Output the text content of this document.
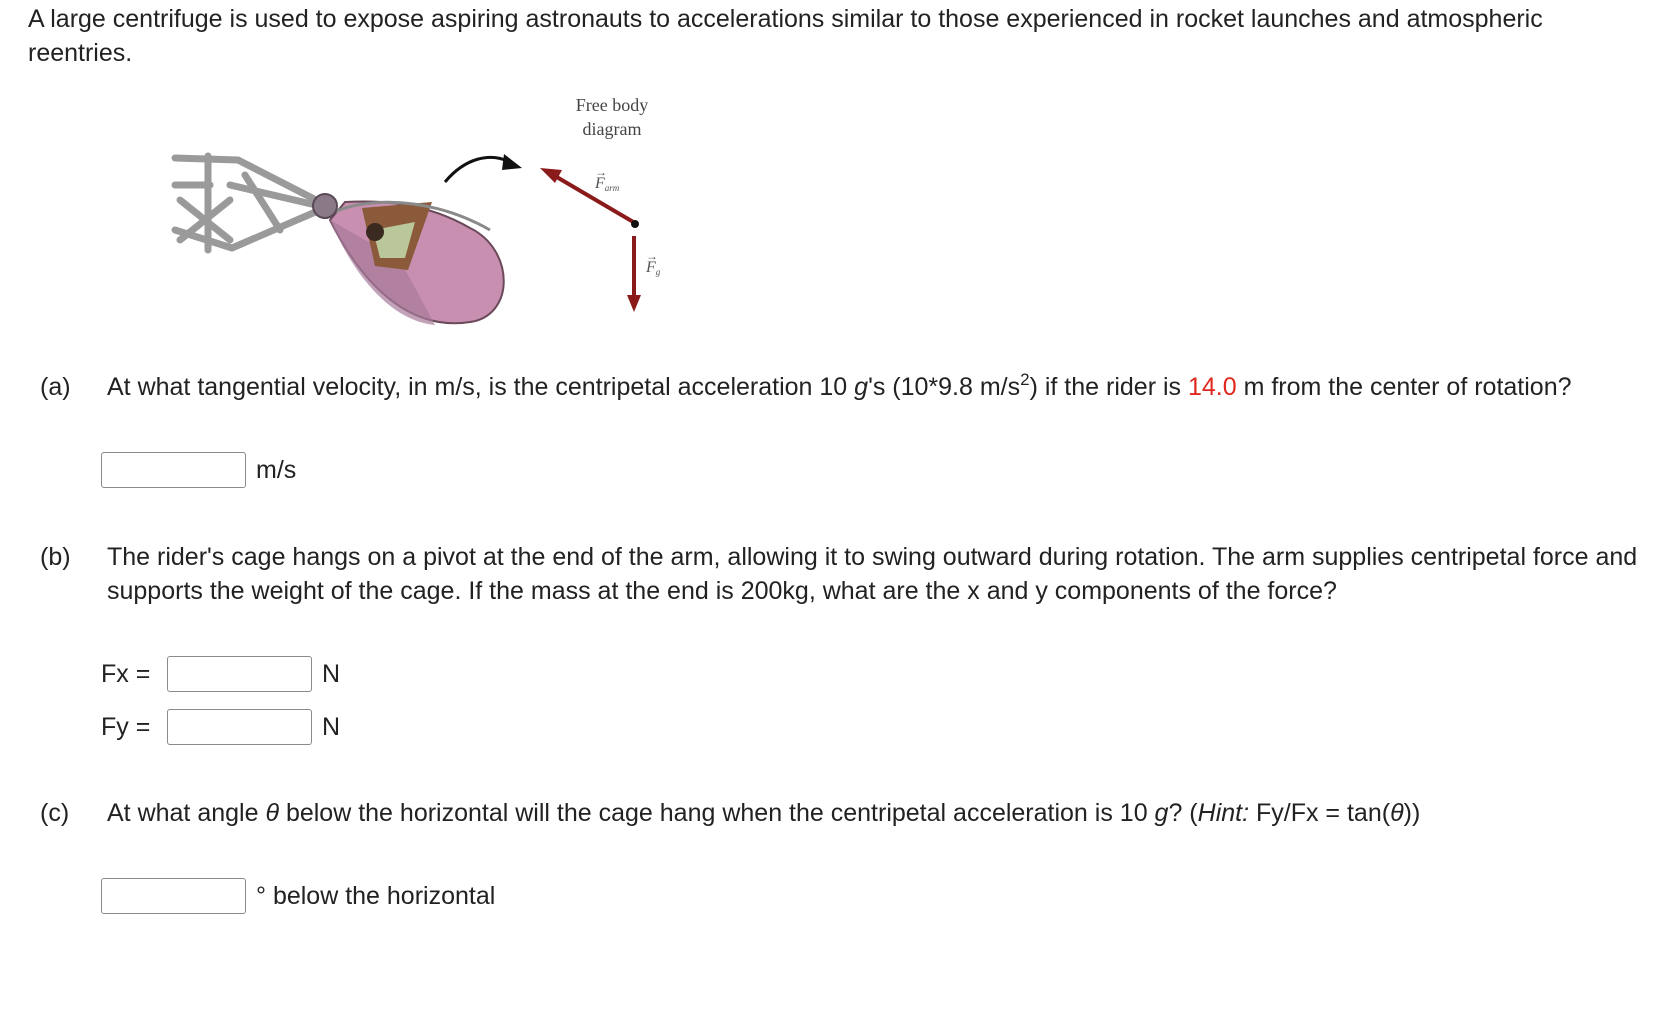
A large centrifuge is used to expose aspiring astronauts to accelerations similar to those experienced in rocket launches and atmospheric reentries.

Free body
diagram
Farm
→
Fg
→
(a) At what tangential velocity, in m/s, is the centripetal acceleration 10 g's (10*9.8 $m/s^2$) if the rider is 14.0 m from the center of rotation?
m/s
(b) The rider's cage hangs on a pivot at the end of the arm, allowing it to swing outward during rotation. The arm supplies centripetal force and supports the weight of the cage. If the mass at the end is 200kg, what are the x and y components of the force?
Fx =	N
Fy =	N
(c) At what angle θ below the horizontal will the cage hang when the centripetal acceleration is 10 g? (Hint: Fy/Fx = tan(θ))
° below the horizontal
